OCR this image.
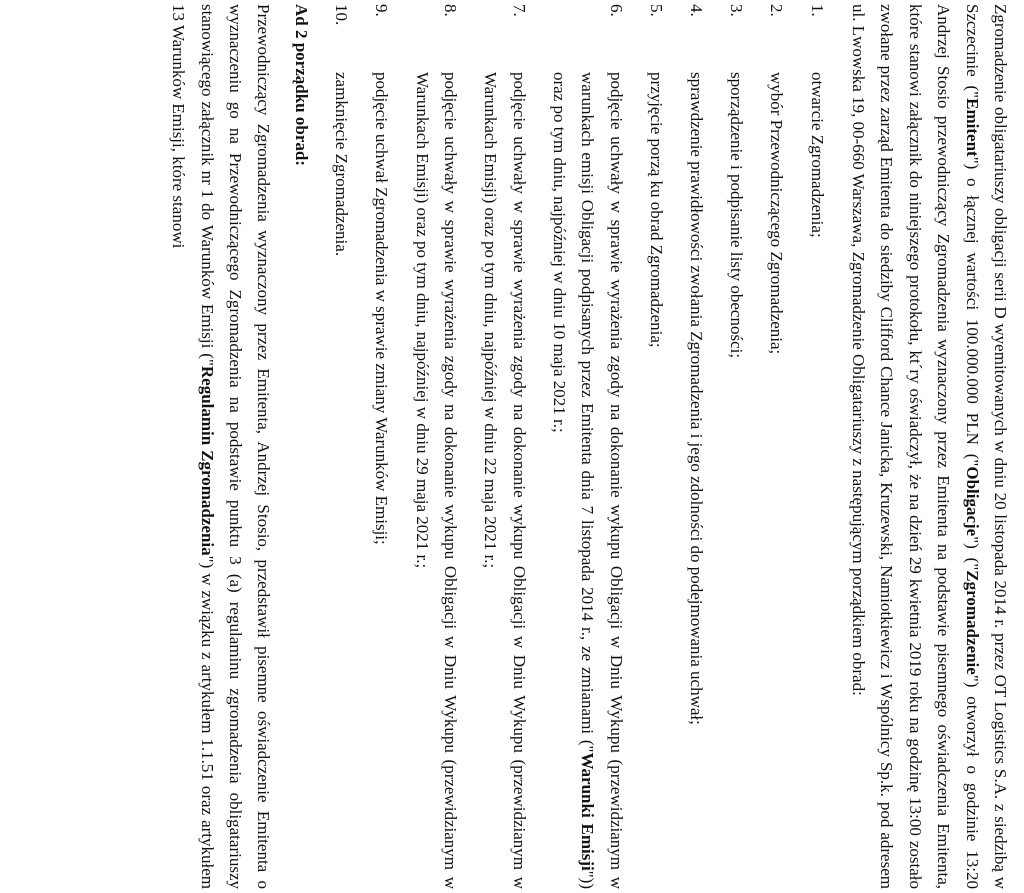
Zgromadzenie obligatariuszy obligacji serii D wyemitowanych w dniu 20 listopada 2014 r. przez OT Logistics S.A. z siedzibą w Szczecinie ("Emitent") o łącznej wartości 100.000.000 PLN ("Obligacje") ("Zgromadzenie") otworzył o godzinie 13:20 Andrzej Stosio przewodniczący Zgromadzenia wyznaczony przez Emitenta na podstawie pisemnego oświadczenia Emitenta, które stanowi załącznik do niniejszego protokołu, kt´ry oświadczył, że na dzień 29 kwietnia 2019 roku na godzinę 13:00 zostało zwołane przez zarząd Emitenta do siedziby Clifford Chance Janicka, Kruzewski, Namiotkiewicz i Wspólnicy Sp.k. pod adresem ul. Lwowska 19, 00-660 Warszawa, Zgromadzenie Obligatariuszy z następującym porządkiem obrad:

1.
otwarcie Zgromadzenia;
2.
wybór Przewodniczącego Zgromadzenia;
3.
sporządzenie i podpisanie listy obecności;
4.
sprawdzenie prawidłowości zwołania Zgromadzenia i jego zdolności do podejmowania uchwał;
5.
przyjęcie porzą ku obrad Zgromadzenia;
6.
podjęcie uchwały w sprawie wyrażenia zgody na dokonanie wykupu Obligacji w Dniu Wykupu (przewidzianym w warunkach emisji Obligacji podpisanych przez Emitenta dnia 7 listopada 2014 r., ze zmianami ("Warunki Emisji")) oraz po tym dniu, najpóźniej w dniu 10 maja 2021 r.;
7.
podjęcie uchwały w sprawie wyrażenia zgody na dokonanie wykupu Obligacji w Dniu Wykupu (przewidzianym w Warunkach Emisji) oraz po tym dniu, najpóźniej w dniu 22 maja 2021 r.;
8.
podjęcie uchwały w sprawie wyrażenia zgody na dokonanie wykupu Obligacji w Dniu Wykupu (przewidzianym w Warunkach Emisji) oraz po tym dniu, najpóźniej w dniu 29 maja 2021 r.;
9.
podjęcie uchwał Zgromadzenia w sprawie zmiany Warunków Emisji;
10.
zamknięcie Zgromadzenia.

Ad 2 porządku obrad:

Przewodniczący Zgromadzenia wyznaczony przez Emitenta, Andrzej Stosio, przedstawił pisemne oświadczenie Emitenta o wyznaczeniu go na Przewodniczącego Zgromadzenia na podstawie punktu 3 (a) regulaminu zgromadzenia obligatariuszy stanowiącego załącznik nr 1 do Warunków Emisji ("Regulamin Zgromadzenia") w związku z artykułem 1.1.51 oraz artykułem 13 Warunków Emisji, które stanowi
